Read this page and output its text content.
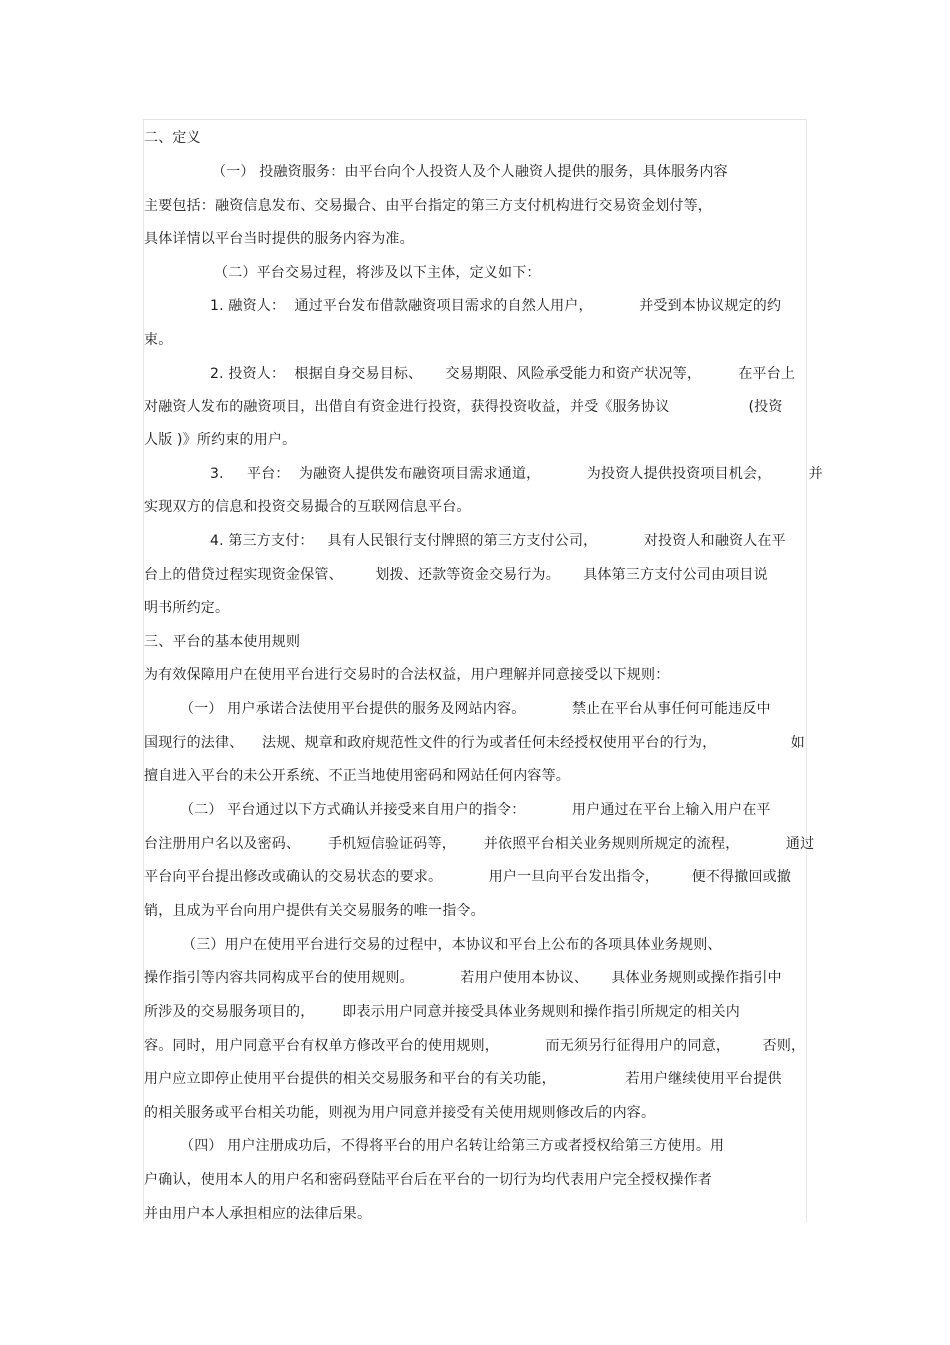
二、定义
（一） 投融资服务：由平台向个人投资人及个人融资人提供的服务，具体服务内容
主要包括：融资信息发布、交易撮合、由平台指定的第三方支付机构进行交易资金划付等，
具体详情以平台当时提供的服务内容为准。
（二）平台交易过程，将涉及以下主体，定义如下：
1. 融资人：  通过平台发布借款融资项目需求的自然人用户，          并受到本协议规定的约
束。
2. 投资人：  根据自身交易目标、     交易期限、风险承受能力和资产状况等，        在平台上
对融资人发布的融资项目，出借自有资金进行投资，获得投资收益，并受《服务协议                 (投资
人版 )》所约束的用户。
3.     平台：  为融资人提供发布融资项目需求通道，          为投资人提供投资项目机会，        并
实现双方的信息和投资交易撮合的互联网信息平台。
4. 第三方支付：   具有人民银行支付牌照的第三方支付公司，          对投资人和融资人在平
台上的借贷过程实现资金保管、       划拨、还款等资金交易行为。     具体第三方支付公司由项目说
明书所约定。
三、平台的基本使用规则
为有效保障用户在使用平台进行交易时的合法权益，用户理解并同意接受以下规则：
（一） 用户承诺合法使用平台提供的服务及网站内容。          禁止在平台从事任何可能违反中
国现行的法律、    法规、规章和政府规范性文件的行为或者任何未经授权使用平台的行为，                如
擅自进入平台的未公开系统、不正当地使用密码和网站任何内容等。
（二） 平台通过以下方式确认并接受来自用户的指令：          用户通过在平台上输入用户在平
台注册用户名以及密码、      手机短信验证码等，      并依照平台相关业务规则所规定的流程，          通过
平台向平台提出修改或确认的交易状态的要求。          用户一旦向平台发出指令，       便不得撤回或撤
销，且成为平台向用户提供有关交易服务的唯一指令。
（三）用户在使用平台进行交易的过程中，本协议和平台上公布的各项具体业务规则、
操作指引等内容共同构成平台的使用规则。          若用户使用本协议、     具体业务规则或操作指引中
所涉及的交易服务项目的，      即表示用户同意并接受具体业务规则和操作指引所规定的相关内
容。同时，用户同意平台有权单方修改平台的使用规则，          而无须另行征得用户的同意，       否则，
用户应立即停止使用平台提供的相关交易服务和平台的有关功能，               若用户继续使用平台提供
的相关服务或平台相关功能，则视为用户同意并接受有关使用规则修改后的内容。
（四） 用户注册成功后，不得将平台的用户名转让给第三方或者授权给第三方使用。用
户确认，使用本人的用户名和密码登陆平台后在平台的一切行为均代表用户完全授权操作者
并由用户本人承担相应的法律后果。
